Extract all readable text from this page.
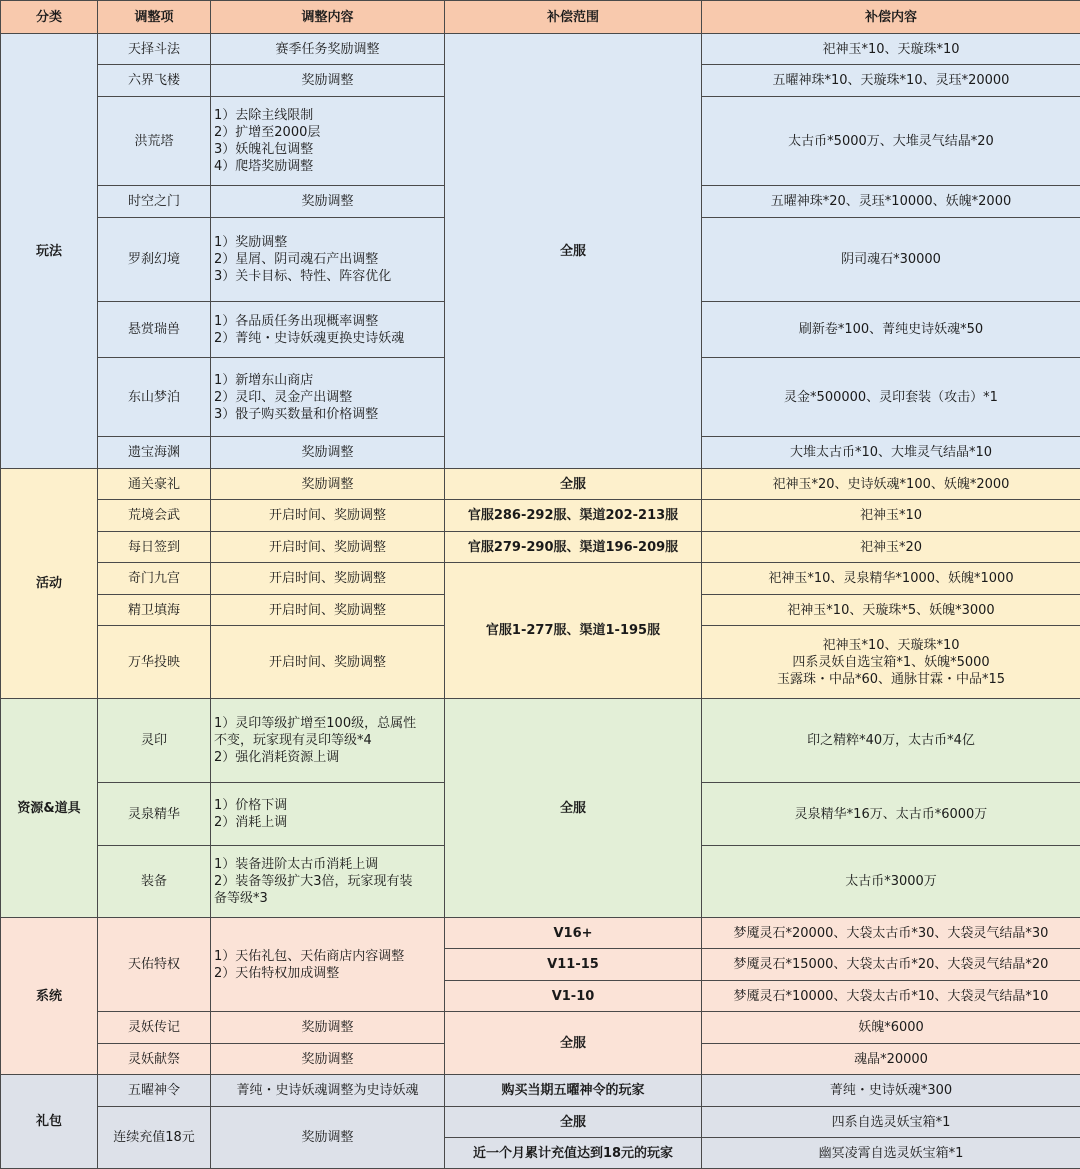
分类	调整项	调整内容	补偿范围	补偿内容
玩法	天择斗法	赛季任务奖励调整	全服	祀神玉*10、天璇珠*10
	六界飞楼	奖励调整		五曜神珠*10、天璇珠*10、灵珏*20000
	洪荒塔	1）去除主线限制
2）扩增至2000层
3）妖魄礼包调整
4）爬塔奖励调整		太古币*5000万、大堆灵气结晶*20
	时空之门	奖励调整		五曜神珠*20、灵珏*10000、妖魄*2000
	罗刹幻境	1）奖励调整
2）星屑、阴司魂石产出调整
3）关卡目标、特性、阵容优化		阴司魂石*30000
	悬赏瑞兽	1）各品质任务出现概率调整
2）菁纯・史诗妖魂更换史诗妖魂		刷新卷*100、菁纯史诗妖魂*50
	东山梦泊	1）新增东山商店
2）灵印、灵金产出调整
3）骰子购买数量和价格调整		灵金*500000、灵印套装（攻击）*1
	遗宝海渊	奖励调整		大堆太古币*10、大堆灵气结晶*10
活动	通关豪礼	奖励调整	全服	祀神玉*20、史诗妖魂*100、妖魄*2000
	荒境会武	开启时间、奖励调整	官服286-292服、渠道202-213服	祀神玉*10
	每日签到	开启时间、奖励调整	官服279-290服、渠道196-209服	祀神玉*20
	奇门九宫	开启时间、奖励调整	官服1-277服、渠道1-195服	祀神玉*10、灵泉精华*1000、妖魄*1000
	精卫填海	开启时间、奖励调整		祀神玉*10、天璇珠*5、妖魄*3000
	万华投映	开启时间、奖励调整		祀神玉*10、天璇珠*10
四系灵妖自选宝箱*1、妖魄*5000
玉露珠・中品*60、通脉甘霖・中品*15

资源&道具	灵印	1）灵印等级扩增至100级，总属性
不变，玩家现有灵印等级*4
2）强化消耗资源上调	全服	印之精粹*40万，太古币*4亿
	灵泉精华	1）价格下调
2）消耗上调		灵泉精华*16万、太古币*6000万
	装备	1）装备进阶太古币消耗上调
2）装备等级扩大3倍，玩家现有装
备等级*3		太古币*3000万
系统	天佑特权	1）天佑礼包、天佑商店内容调整
2）天佑特权加成调整	V16+	梦魇灵石*20000、大袋太古币*30、大袋灵气结晶*30
			V11-15	梦魇灵石*15000、大袋太古币*20、大袋灵气结晶*20
			V1-10	梦魇灵石*10000、大袋太古币*10、大袋灵气结晶*10
	灵妖传记	奖励调整	全服	妖魄*6000
	灵妖献祭	奖励调整		魂晶*20000
礼包	五曜神令	菁纯・史诗妖魂调整为史诗妖魂	购买当期五曜神令的玩家	菁纯・史诗妖魂*300
	连续充值18元	奖励调整	全服	四系自选灵妖宝箱*1
			近一个月累计充值达到18元的玩家	幽冥凌霄自选灵妖宝箱*1
